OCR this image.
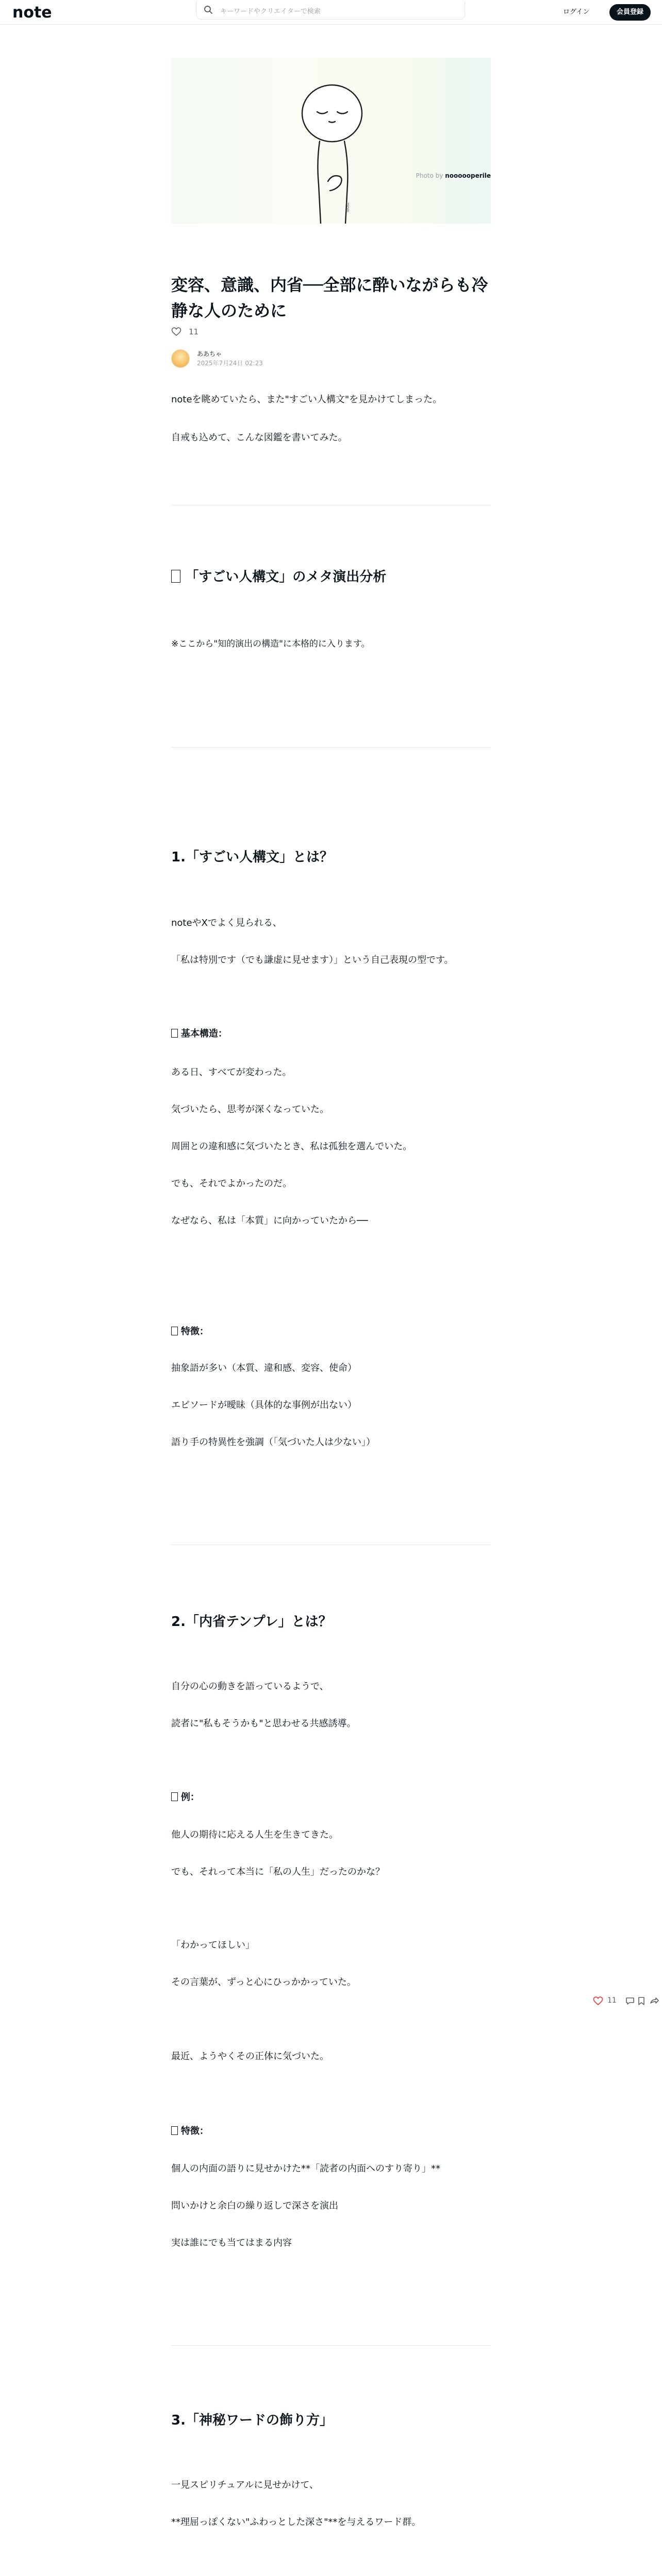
note	キーワードやクリエイターで検索	ログイン	会員登録
illust
Photo by noooooperile
変容、意識、内省──全部に酔いながらも冷静な人のために
11
ああちゃ
2025年7月24日 02:23

noteを眺めていたら、また"すごい人構文"を見かけてしまった。

自戒も込めて、こんな図鑑を書いてみた。

「すごい人構文」のメタ演出分析

※ここから"知的演出の構造"に本格的に入ります。

1.「すごい人構文」とは？

noteやXでよく見られる、

「私は特別です（でも謙虚に見せます）」という自己表現の型です。

基本構造：

ある日、すべてが変わった。

気づいたら、思考が深くなっていた。

周囲との違和感に気づいたとき、私は孤独を選んでいた。

でも、それでよかったのだ。

なぜなら、私は「本質」に向かっていたから──

特徴：

抽象語が多い（本質、違和感、変容、使命）

エピソードが曖昧（具体的な事例が出ない）

語り手の特異性を強調（「気づいた人は少ない」）

2.「内省テンプレ」とは？

自分の心の動きを語っているようで、

読者に"私もそうかも"と思わせる共感誘導。

例：

他人の期待に応える人生を生きてきた。

でも、それって本当に「私の人生」だったのかな？

「わかってほしい」

その言葉が、ずっと心にひっかかっていた。

最近、ようやくその正体に気づいた。

特徴：

個人の内面の語りに見せかけた**「読者の内面へのすり寄り」**

問いかけと余白の繰り返しで深さを演出

実は誰にでも当てはまる内容

3.「神秘ワードの飾り方」

一見スピリチュアルに見せかけて、

**理屈っぽくない"ふわっとした深さ"**を与えるワード群。

11
